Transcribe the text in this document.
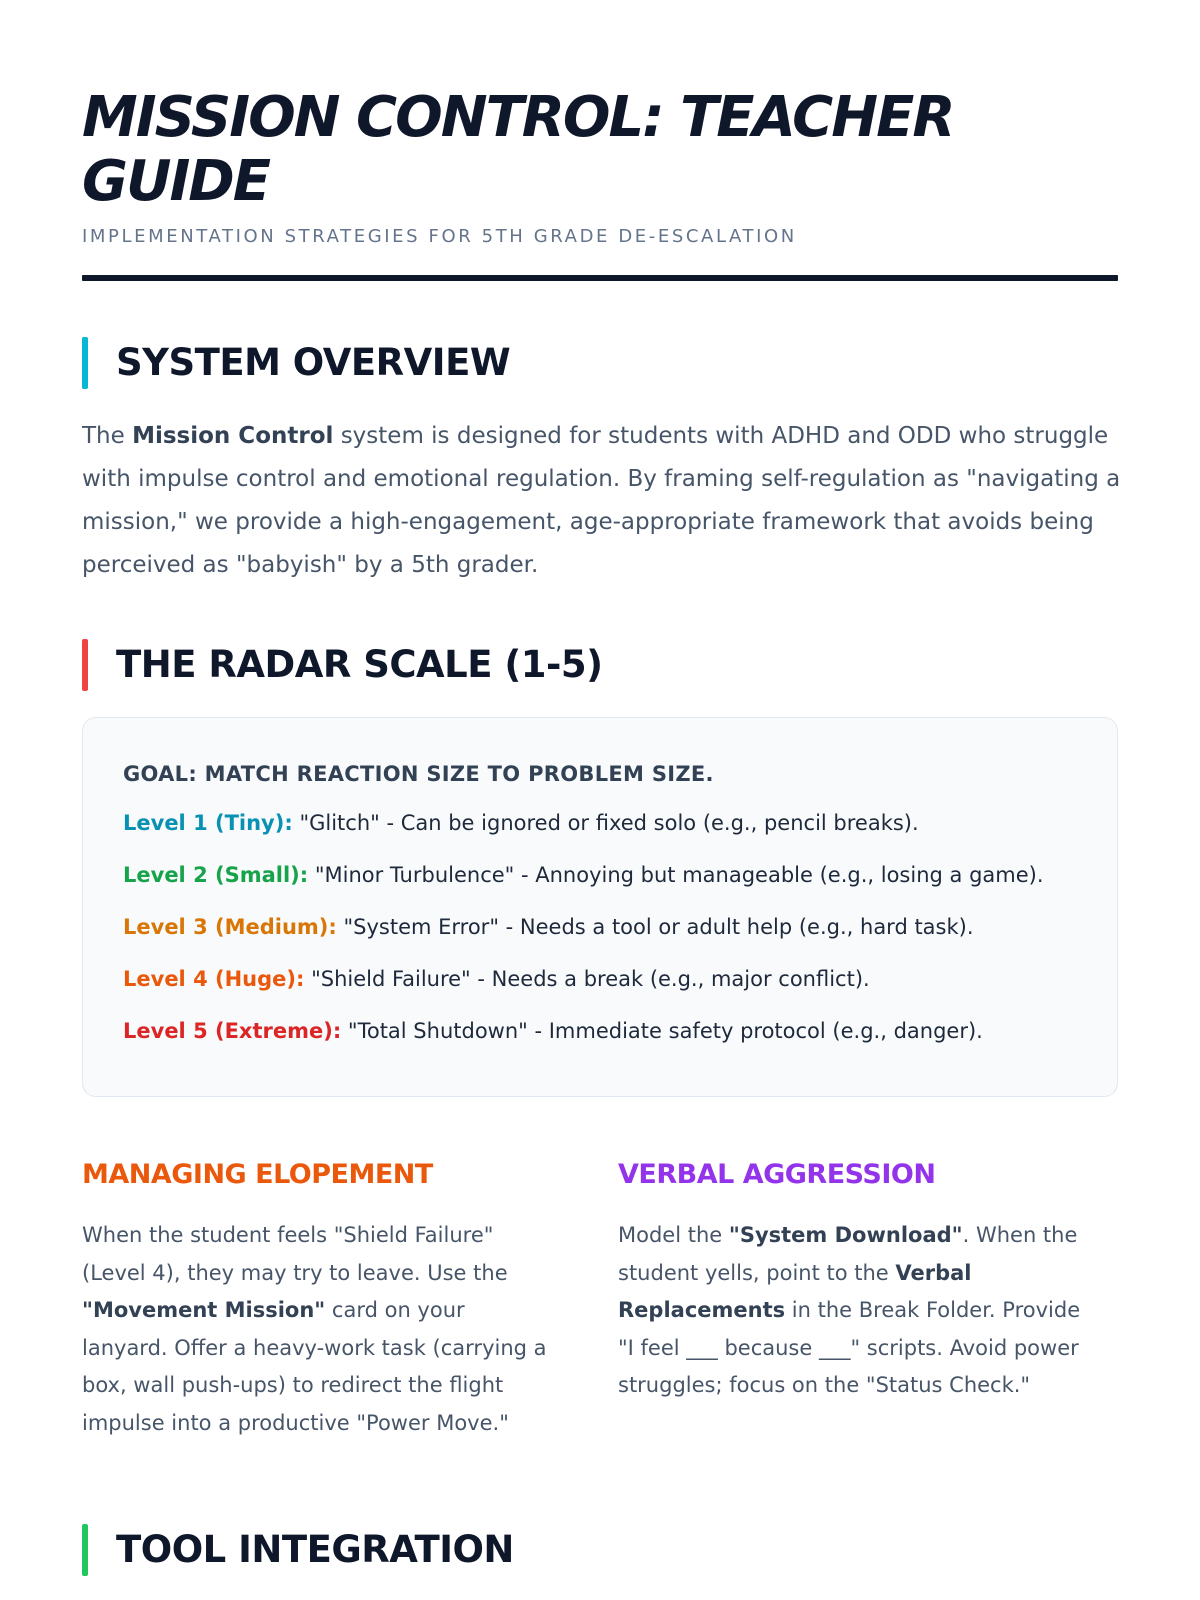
MISSION CONTROL: TEACHER GUIDE
IMPLEMENTATION STRATEGIES FOR 5TH GRADE DE-ESCALATION
SYSTEM OVERVIEW

The Mission Control system is designed for students with ADHD and ODD who struggle with impulse control and emotional regulation. By framing self-regulation as "navigating a mission," we provide a high-engagement, age-appropriate framework that avoids being perceived as "babyish" by a 5th grader.

THE RADAR SCALE (1-5)
GOAL: MATCH REACTION SIZE TO PROBLEM SIZE.
Level 1 (Tiny): "Glitch" - Can be ignored or fixed solo (e.g., pencil breaks).
Level 2 (Small): "Minor Turbulence" - Annoying but manageable (e.g., losing a game).
Level 3 (Medium): "System Error" - Needs a tool or adult help (e.g., hard task).
Level 4 (Huge): "Shield Failure" - Needs a break (e.g., major conflict).
Level 5 (Extreme): "Total Shutdown" - Immediate safety protocol (e.g., danger).
MANAGING ELOPEMENT

When the student feels "Shield Failure" (Level 4), they may try to leave. Use the "Movement Mission" card on your lanyard. Offer a heavy-work task (carrying a box, wall push-ups) to redirect the flight impulse into a productive "Power Move."

VERBAL AGGRESSION

Model the "System Download". When the student yells, point to the Verbal Replacements in the Break Folder. Provide "I feel ___ because ___" scripts. Avoid power struggles; focus on the "Status Check."

TOOL INTEGRATION
